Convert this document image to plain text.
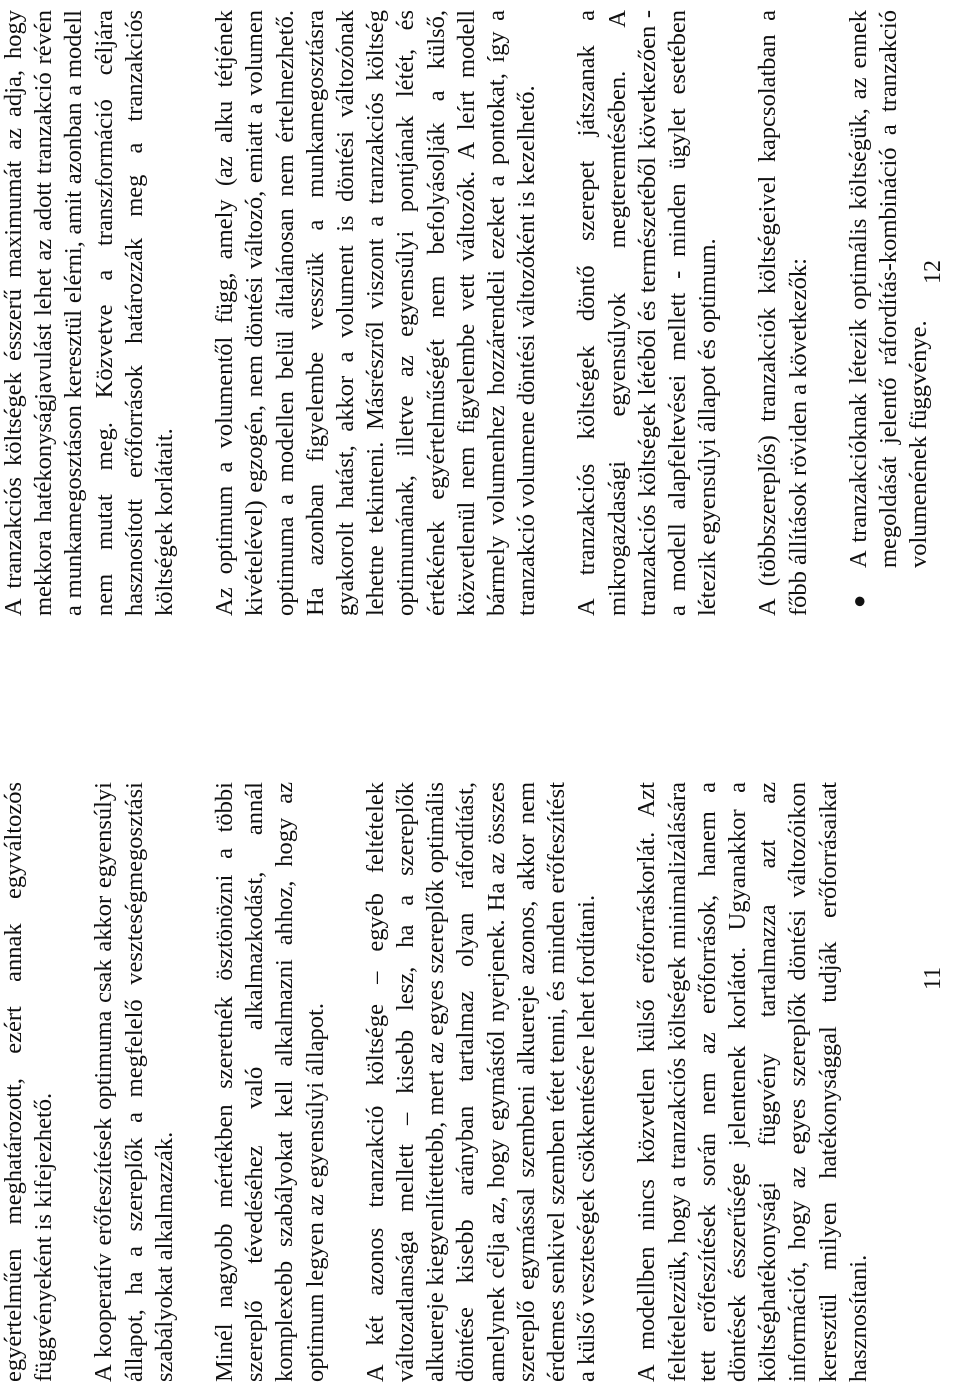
egyértelműen meghatározott, ezért annak egyváltozós függvényeként is kifejezhető. A kooperatív erőfeszítések optimuma csak akkor egyensúlyi állapot, ha a szereplők a megfelelő veszteségmegosztási szabályokat alkalmazzák. Minél nagyobb mértékben szeretnék ösztönözni a többi szereplő tévedéséhez való alkalmazkodást, annál komplexebb szabályokat kell alkalmazni ahhoz, hogy az optimum legyen az egyensúlyi állapot. A két azonos tranzakció költsége – egyéb feltételek változatlansága mellett – kisebb lesz, ha a szereplők alkuereje kiegyenlítettebb, mert az egyes szereplők optimális döntése kisebb arányban tartalmaz olyan ráfordítást, amelynek célja az, hogy egymástól nyerjenek. Ha az összes szereplő egymással szembeni alkuereje azonos, akkor nem érdemes senkivel szemben tétet tenni, és minden erőfeszítést a külső veszteségek csökkentésére lehet fordítani. A modellben nincs közvetlen külső erőforráskorlát. Azt feltételezzük, hogy a tranzakciós költségek minimalizálására tett erőfeszítések során nem az erőforrások, hanem a döntések ésszerűsége jelentenek korlátot. Ugyanakkor a költséghatékonysági függvény tartalmazza azt az információt, hogy az egyes szereplők döntési változóikon keresztül milyen hatékonysággal tudják erőforrásaikat hasznosítani.

11

A tranzakciós költségek ésszerű maximumát az adja, hogy mekkora hatékonyságjavulást lehet az adott tranzakció révén a munkamegosztáson keresztül elérni, amit azonban a modell nem mutat meg. Közvetve a transzformáció céljára hasznosított erőforrások határozzák meg a tranzakciós költségek korlátait. Az optimum a volumentől függ, amely (az alku tétjének kivételével) egzogén, nem döntési változó, emiatt a volumen optimuma a modellen belül általánosan nem értelmezhető. Ha azonban figyelembe vesszük a munkamegosztásra gyakorolt hatást, akkor a volument is döntési változónak lehetne tekinteni. Másrészről viszont a tranzakciós költség optimumának, illetve az egyensúlyi pontjának létét, és értékének egyértelműségét nem befolyásolják a külső, közvetlenül nem figyelembe vett változók. A leírt modell bármely volumenhez hozzárendeli ezeket a pontokat, így a tranzakció volumene döntési változóként is kezelhető. A tranzakciós költségek döntő szerepet játszanak a mikrogazdasági egyensúlyok megteremtésében. A tranzakciós költségek létéből és természetéből következően - a modell alapfeltevései mellett - minden ügylet esetében létezik egyensúlyi állapot és optimum. A (többszereplős) tranzakciók költségeivel kapcsolatban a főbb állítások röviden a következők: ●
A tranzakcióknak létezik optimális költségük, az ennek megoldását jelentő ráfordítás-kombináció a tranzakció volumenének függvénye.
12
